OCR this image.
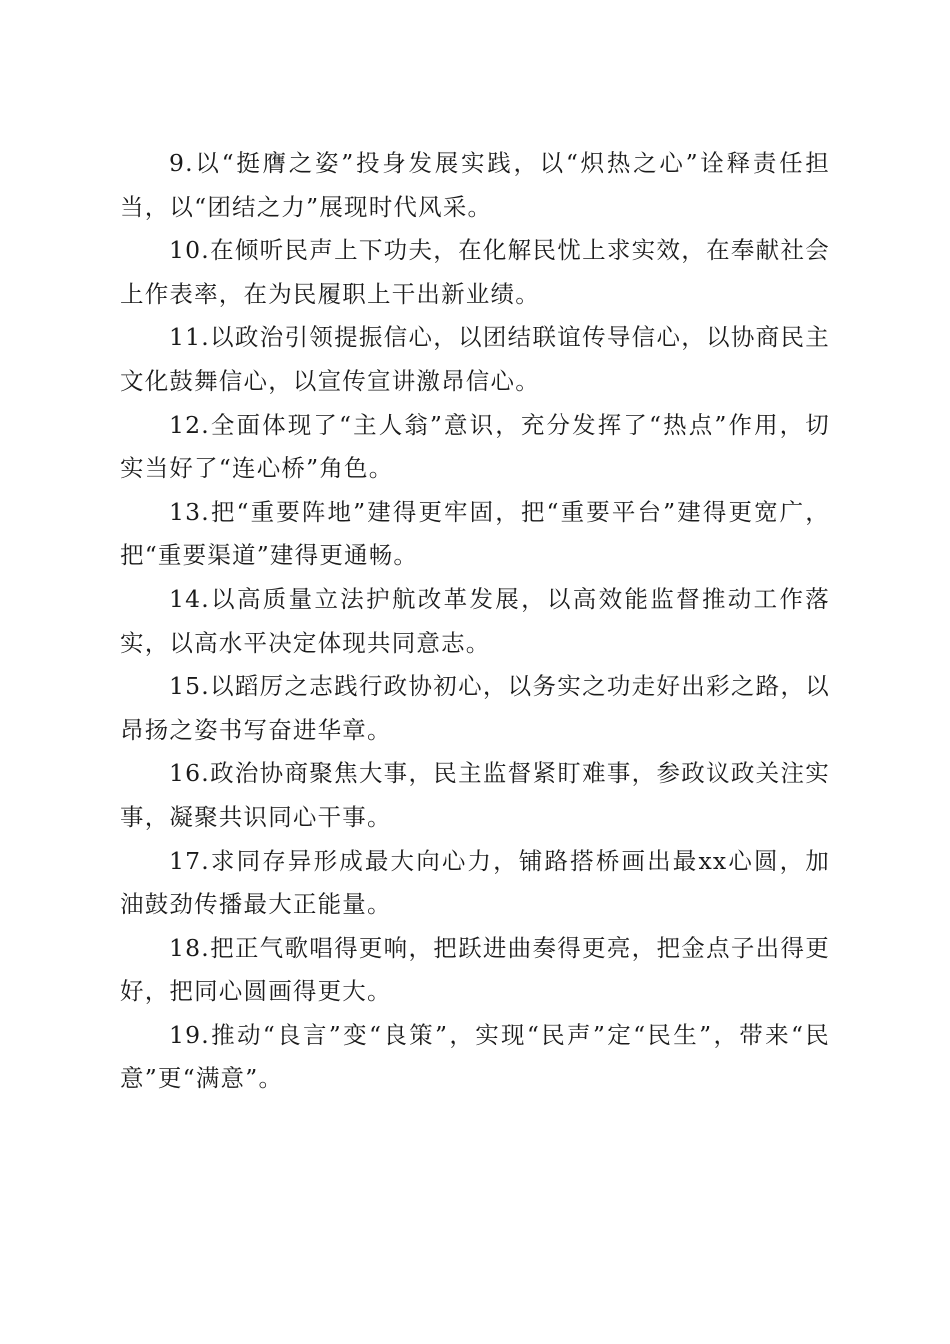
9.以“挺膺之姿”投身发展实践，以“炽热之心”诠释责任担当，以“团结之力”展现时代风采。

10.在倾听民声上下功夫，在化解民忧上求实效，在奉献社会上作表率，在为民履职上干出新业绩。

11.以政治引领提振信心，以团结联谊传导信心，以协商民主文化鼓舞信心，以宣传宣讲激昂信心。

12.全面体现了“主人翁”意识，充分发挥了“热点”作用，切实当好了“连心桥”角色。

13.把“重要阵地”建得更牢固，把“重要平台”建得更宽广，把“重要渠道”建得更通畅。

14.以高质量立法护航改革发展，以高效能监督推动工作落实，以高水平决定体现共同意志。

15.以蹈厉之志践行政协初心，以务实之功走好出彩之路，以昂扬之姿书写奋进华章。

16.政治协商聚焦大事，民主监督紧盯难事，参政议政关注实事，凝聚共识同心干事。

17.求同存异形成最大向心力，铺路搭桥画出最xx心圆，加油鼓劲传播最大正能量。

18.把正气歌唱得更响，把跃进曲奏得更亮，把金点子出得更好，把同心圆画得更大。

19.推动“良言”变“良策”，实现“民声”定“民生”，带来“民意”更“满意”。
